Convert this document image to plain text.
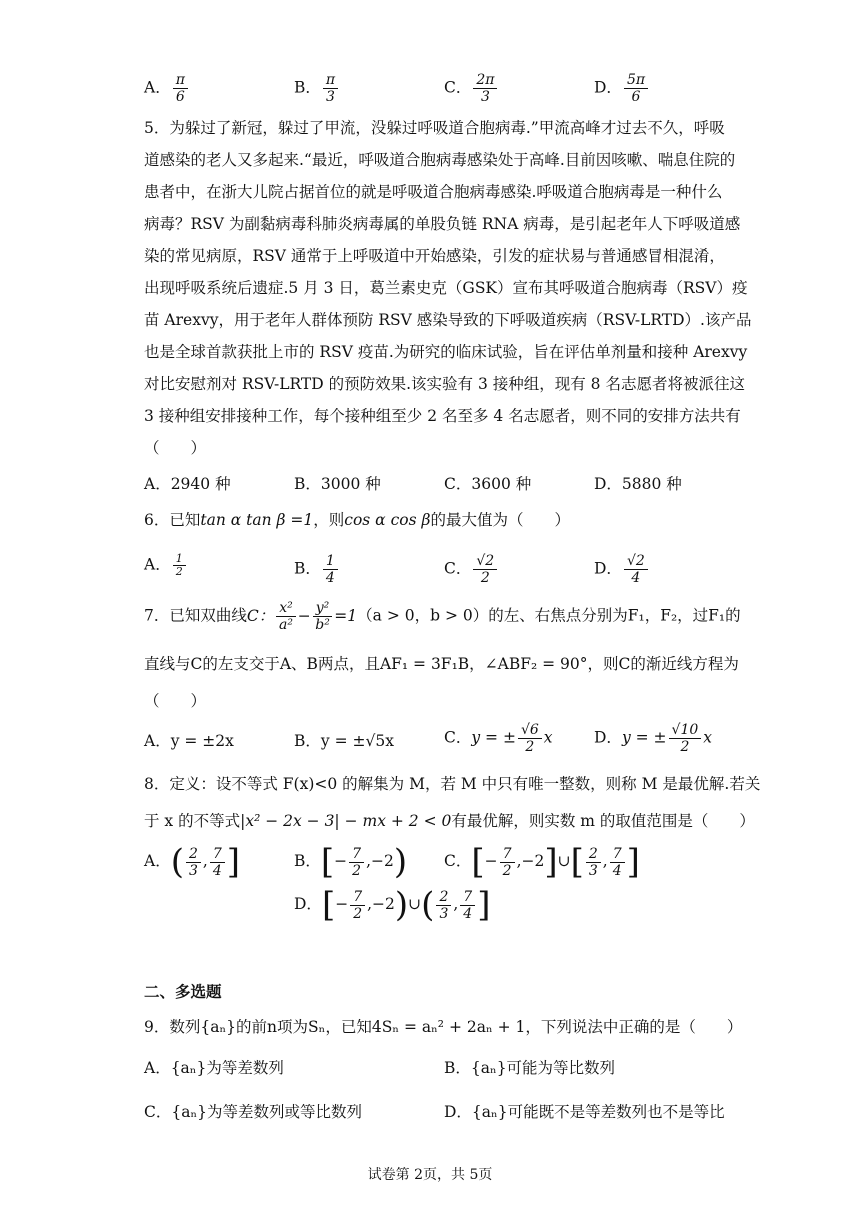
A． $\frac{\pi}{6}$	B． $\frac{\pi}{3}$	C． $\frac{2\pi}{3}$	D． $\frac{5\pi}{6}$
5．为躲过了新冠，躲过了甲流，没躲过呼吸道合胞病毒.”甲流高峰才过去不久，呼吸
道感染的老人又多起来.“最近，呼吸道合胞病毒感染处于高峰.目前因咳嗽、喘息住院的
患者中，在浙大儿院占据首位的就是呼吸道合胞病毒感染.呼吸道合胞病毒是一种什么
病毒？RSV 为副黏病毒科肺炎病毒属的单股负链 RNA 病毒，是引起老年人下呼吸道感
染的常见病原，RSV 通常于上呼吸道中开始感染，引发的症状易与普通感冒相混淆，
出现呼吸系统后遗症.5 月 3 日，葛兰素史克（GSK）宣布其呼吸道合胞病毒（RSV）疫
苗 Arexvy，用于老年人群体预防 RSV 感染导致的下呼吸道疾病（RSV-LRTD）.该产品
也是全球首款获批上市的 RSV 疫苗.为研究的临床试验，旨在评估单剂量和接种 Arexvy
对比安慰剂对 RSV-LRTD 的预防效果.该实验有 3 接种组，现有 8 名志愿者将被派往这
3 接种组安排接种工作，每个接种组至少 2 名至多 4 名志愿者，则不同的安排方法共有
（　　）
A．2940 种	B．3000 种	C．3600 种	D．5880 种
6．已知tan α tan β =1，则cos α cos β的最大值为（　　）
A． $\frac{1}{2}$	B． $\frac{1}{4}$	C． $\frac{√2}{2}$	D． $\frac{√2}{4}$
7．已知双曲线C： $\frac{\text{x²}}{\text{a²}} - \frac{\text{y²}}{\text{b²}} =1(a > 0$，b > 0）的左、右焦点分别为F₁，F₂，过F₁的
直线与C的左支交于A、B两点，且AF₁ = 3F₁B，∠ABF₂ = 90°，则C的渐近线方程为
（　　）
A．y = ±2x	B．y = ±√5x	C．y = ± $\frac{√6}{2}$ x	D．y = ± $\frac{√10}{2}$ x
8．定义：设不等式 F(x)<0 的解集为 M，若 M 中只有唯一整数，则称 M 是最优解.若关
于 x 的不等式|x² − 2x − 3| − mx + 2 < 0有最优解，则实数 m 的取值范围是（　　）
A．( $\frac{2}{3}$ , $\frac{7}{4}$ ]	B．[− $\frac{7}{2} ,-2$) C．[− $\frac{7}{2}$ ,−2]∪[ $\frac{2}{3}$ , $\frac{7}{4}$ ]
D．[− $\frac{7}{2}$ ,−2)∪( $\frac{2}{3}$ , $\frac{7}{4}$ ]
二、多选题
9．数列{aₙ}的前n项为Sₙ，已知4Sₙ = aₙ² + 2aₙ + 1，下列说法中正确的是（　　）
A．{aₙ}为等差数列	B．{aₙ}可能为等比数列
C．{aₙ}为等差数列或等比数列	D．{aₙ}可能既不是等差数列也不是等比
试卷第 2页，共 5页
